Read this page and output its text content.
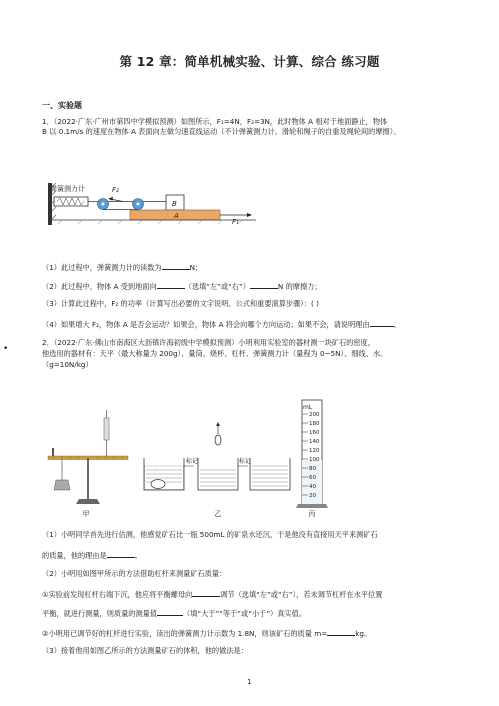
•
第 12 章：简单机械实验、计算、综合 练习题
一、实验题
1．（2022·广东·广州市第四中学模拟预测）如图所示，F₁=4N，F₂=3N，此时物体 A 相对于地面静止，物体
B 以 0.1m/s 的速度在物体 A 表面向左做匀速直线运动（不计弹簧测力计、滑轮和绳子的自重及绳轮间的摩擦）。
弹簧测力计	F₂
B
A
F₁
（1）此过程中，弹簧测力计的读数为	N；
（2）此过程中，物体 A 受到地面向	（选填“左”或“右”）	N 的摩擦力；
（3）计算此过程中，F₂ 的功率（计算写出必要的文字说明、公式和重要演算步骤）：( )
（4）如果增大 F₂，物体 A 是否会运动？如果会，物体 A 将会向哪个方向运动；如果不会，请说明理由	。
2．（2022·广东·佛山市南海区大沥镇许海初级中学模拟预测）小明利用实验室的器材测一块矿石的密度，
他选用的器材有：天平（最大称量为 200g）、量筒、烧杯、杠杆、弹簧测力计（量程为 0~5N）、细线、水。
（g=10N/kg）
甲
标记	标记
乙
mL
200
180
160
140
120
100
80
60
40
20
丙
（1）小明同学首先进行估测，他感觉矿石比一瓶 500mL 的矿泉水还沉，于是他没有直接用天平来测矿石
的质量，他的理由是	。
（2）小明用如图甲所示的方法借助杠杆来测量矿石质量：
①实验前发现杠杆右端下沉，他应将平衡螺母向	调节（选填“左”或“右”），若未调节杠杆在水平位置
平衡，就进行测量，则质量的测量值	（填“大于”“等于”或“小于”）真实值。
②小明用已调节好的杠杆进行实验，读出的弹簧测力计示数为 1.8N，则该矿石的质量 m=	kg。
（3）接着他用如图乙所示的方法测量矿石的体积，他的做法是：
1
